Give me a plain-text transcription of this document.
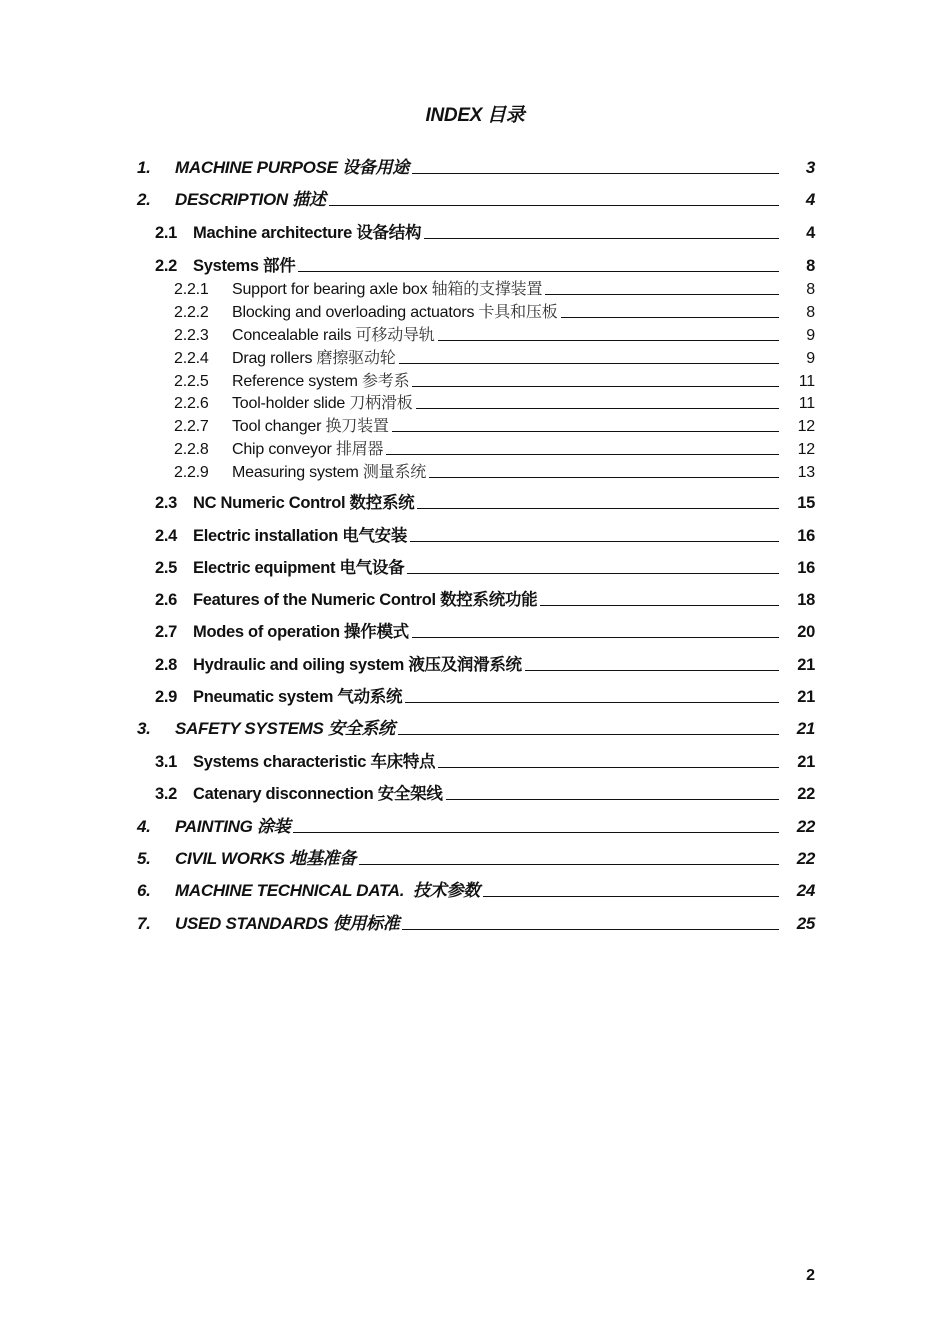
INDEX 目录
1.	MACHINE PURPOSE 设备用途	3
2.	DESCRIPTION 描述	4
2.1 Machine architecture 设备结构	4
2.2 Systems 部件	8
2.2.1	Support for bearing axle box 轴箱的支撑装置	8
2.2.2	Blocking and overloading actuators 卡具和压板	8
2.2.3	Concealable rails 可移动导轨	9
2.2.4	Drag rollers 磨擦驱动轮	9
2.2.5	Reference system 参考系	11
2.2.6	Tool-holder slide 刀柄滑板	11
2.2.7	Tool changer 换刀装置	12
2.2.8	Chip conveyor 排屑器	12
2.2.9	Measuring system 测量系统	13
2.3 NC Numeric Control 数控系统	15
2.4 Electric installation 电气安装	16
2.5 Electric equipment 电气设备	16
2.6 Features of the Numeric Control 数控系统功能	18
2.7 Modes of operation 操作模式	20
2.8 Hydraulic and oiling system 液压及润滑系统	21
2.9 Pneumatic system 气动系统	21
3.	SAFETY SYSTEMS 安全系统	21
3.1 Systems characteristic 车床特点	21
3.2 Catenary disconnection 安全架线	22
4.	PAINTING 涂装	22
5.	CIVIL WORKS 地基准备	22
6.	MACHINE TECHNICAL DATA.  技术参数	24
7.	USED STANDARDS 使用标准	25
2
